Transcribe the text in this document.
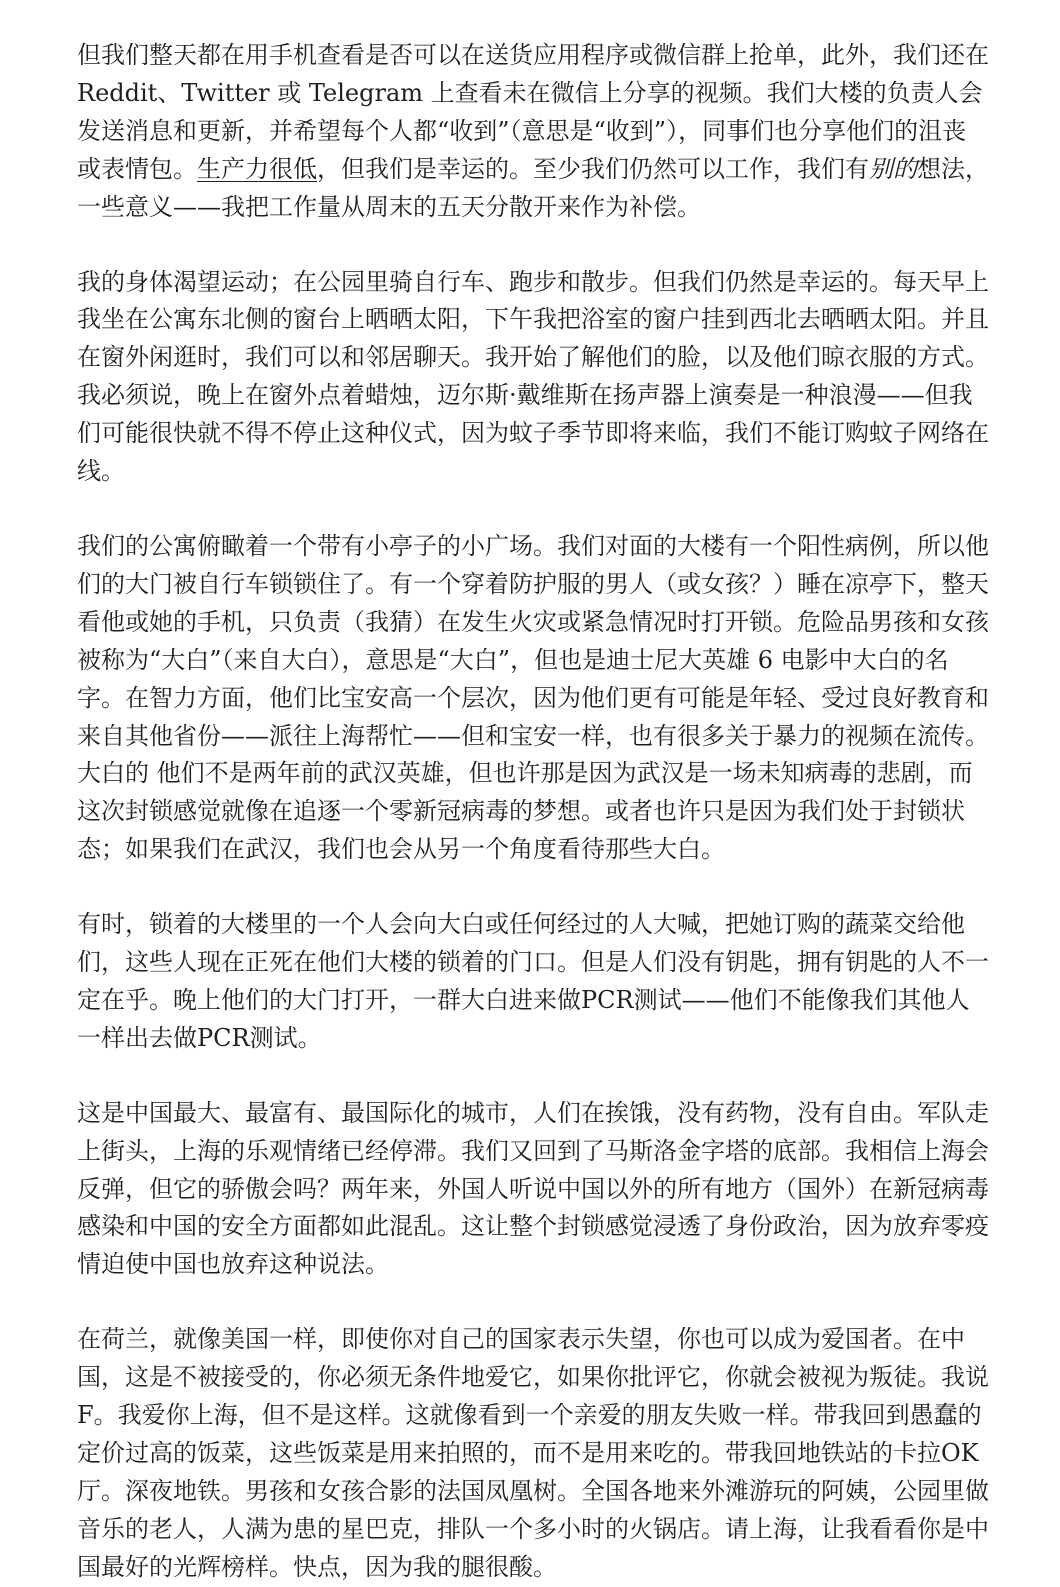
但我们整天都在用手机查看是否可以在送货应用程序或微信群上抢单，此外，我们还在Reddit、Twitter 或 Telegram 上查看未在微信上分享的视频。我们大楼的负责人会发送消息和更新，并希望每个人都“收到”（意思是“收到”），同事们也分享他们的沮丧或表情包。生产力很低，但我们是幸运的。至少我们仍然可以工作，我们有别的想法，一些意义——我把工作量从周末的五天分散开来作为补偿。

我的身体渴望运动；在公园里骑自行车、跑步和散步。但我们仍然是幸运的。每天早上我坐在公寓东北侧的窗台上晒晒太阳，下午我把浴室的窗户挂到西北去晒晒太阳。并且在窗外闲逛时，我们可以和邻居聊天。我开始了解他们的脸，以及他们晾衣服的方式。我必须说，晚上在窗外点着蜡烛，迈尔斯·戴维斯在扬声器上演奏是一种浪漫——但我们可能很快就不得不停止这种仪式，因为蚊子季节即将来临，我们不能订购蚊子网络在线。

我们的公寓俯瞰着一个带有小亭子的小广场。我们对面的大楼有一个阳性病例，所以他们的大门被自行车锁锁住了。有一个穿着防护服的男人（或女孩？）睡在凉亭下，整天看他或她的手机，只负责（我猜）在发生火灾或紧急情况时打开锁。危险品男孩和女孩被称为“大白”（来自大白），意思是“大白”，但也是迪士尼大英雄 6 电影中大白的名字。在智力方面，他们比宝安高一个层次，因为他们更有可能是年轻、受过良好教育和来自其他省份——派往上海帮忙——但和宝安一样，也有很多关于暴力的视频在流传。大白的 他们不是两年前的武汉英雄，但也许那是因为武汉是一场未知病毒的悲剧，而这次封锁感觉就像在追逐一个零新冠病毒的梦想。或者也许只是因为我们处于封锁状态；如果我们在武汉，我们也会从另一个角度看待那些大白。

有时，锁着的大楼里的一个人会向大白或任何经过的人大喊，把她订购的蔬菜交给他们，这些人现在正死在他们大楼的锁着的门口。但是人们没有钥匙，拥有钥匙的人不一定在乎。晚上他们的大门打开，一群大白进来做PCR测试——他们不能像我们其他人一样出去做PCR测试。

这是中国最大、最富有、最国际化的城市，人们在挨饿，没有药物，没有自由。军队走上街头，上海的乐观情绪已经停滞。我们又回到了马斯洛金字塔的底部。我相信上海会反弹，但它的骄傲会吗？两年来，外国人听说中国以外的所有地方（国外）在新冠病毒感染和中国的安全方面都如此混乱。这让整个封锁感觉浸透了身份政治，因为放弃零疫情迫使中国也放弃这种说法。

在荷兰，就像美国一样，即使你对自己的国家表示失望，你也可以成为爱国者。在中国，这是不被接受的，你必须无条件地爱它，如果你批评它，你就会被视为叛徒。我说F。我爱你上海，但不是这样。这就像看到一个亲爱的朋友失败一样。带我回到愚蠢的定价过高的饭菜，这些饭菜是用来拍照的，而不是用来吃的。带我回地铁站的卡拉OK厅。深夜地铁。男孩和女孩合影的法国凤凰树。全国各地来外滩游玩的阿姨，公园里做音乐的老人，人满为患的星巴克，排队一个多小时的火锅店。请上海，让我看看你是中国最好的光辉榜样。快点，因为我的腿很酸。
